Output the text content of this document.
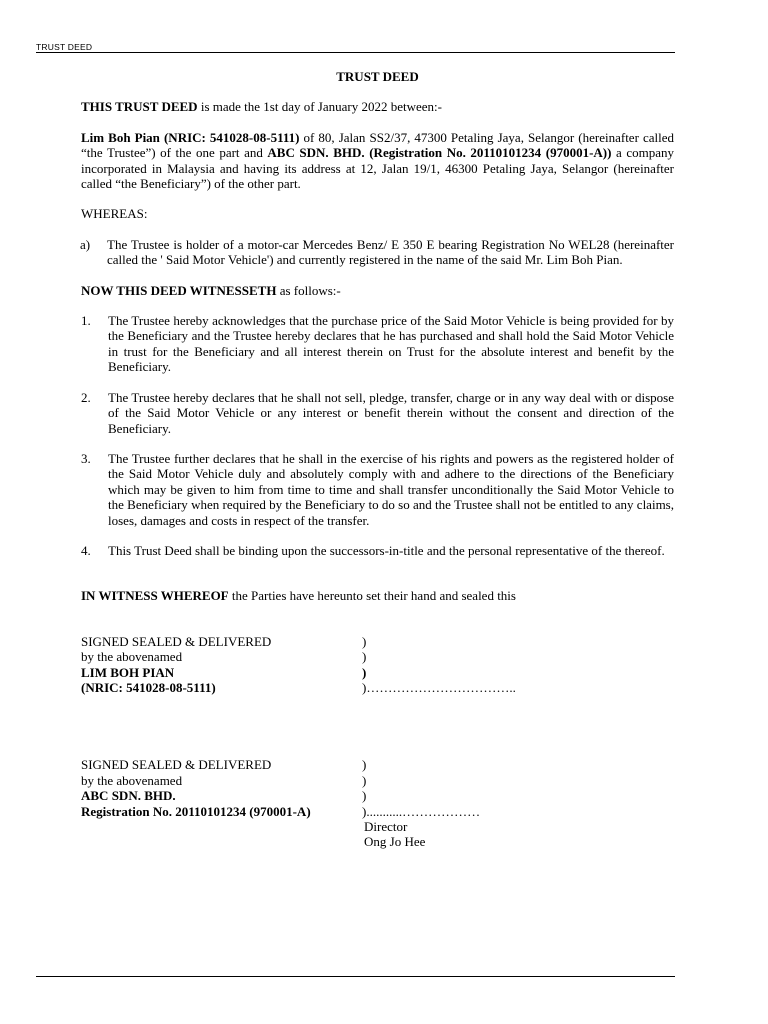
TRUST DEED

TRUST DEED

THIS TRUST DEED is made the 1st day of January 2022 between:-

Lim Boh Pian (NRIC: 541028-08-5111) of 80, Jalan SS2/37, 47300 Petaling Jaya, Selangor (hereinafter called “the Trustee”) of the one part and ABC SDN. BHD. (Registration No. 20110101234 (970001-A)) a company incorporated in Malaysia and having its address at 12, Jalan 19/1, 46300 Petaling Jaya, Selangor (hereinafter called “the Beneficiary”) of the other part.

WHEREAS:

a)	The Trustee is holder of a motor-car Mercedes Benz/ E 350 E bearing Registration No WEL28 (hereinafter called the ' Said Motor Vehicle') and currently registered in the name of the said Mr. Lim Boh Pian.

NOW THIS DEED WITNESSETH as follows:-

1.	The Trustee hereby acknowledges that the purchase price of the Said Motor Vehicle is being provided for by the Beneficiary and the Trustee hereby declares that he has purchased and shall hold the Said Motor Vehicle in trust for the Beneficiary and all interest therein on Trust for the absolute interest and benefit by the Beneficiary.
2.	The Trustee hereby declares that he shall not sell, pledge, transfer, charge or in any way deal with or dispose of the Said Motor Vehicle or any interest or benefit therein without the consent and direction of the Beneficiary.
3.	The Trustee further declares that he shall in the exercise of his rights and powers as the registered holder of the Said Motor Vehicle duly and absolutely comply with and adhere to the directions of the Beneficiary which may be given to him from time to time and shall transfer unconditionally the Said Motor Vehicle to the Beneficiary when required by the Beneficiary to do so and the Trustee shall not be entitled to any claims, loses, damages and costs in respect of the transfer.
4.	This Trust Deed shall be binding upon the successors-in-title and the personal representative of the thereof.

IN WITNESS WHEREOF the Parties have hereunto set their hand and sealed this

SIGNED SEALED & DELIVERED	)
by the abovenamed	)
LIM BOH PIAN	)
(NRIC: 541028-08-5111)	)……………………………..
SIGNED SEALED & DELIVERED	)
by the abovenamed	)
ABC SDN. BHD.	)
Registration No. 20110101234 (970001-A)	)...........………………
Director
Ong Jo Hee
